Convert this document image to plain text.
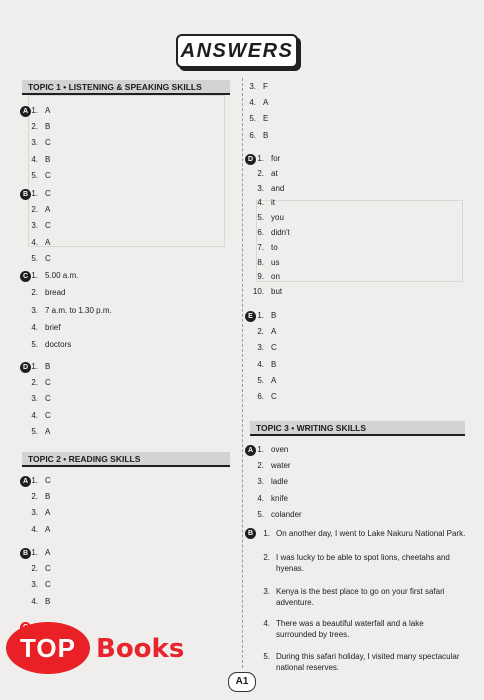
ANSWERS
TOPIC 1 • LISTENING & SPEAKING SKILLS
A 1. A
2. B
3. C
4. B
5. C
B 1. C
2. A
3. C
4. A
5. C
C 1. 5.00 a.m.
2. bread
3. 7 a.m. to 1.30 p.m.
4. brief
5. doctors
D 1. B
2. C
3. C
4. C
5. A
TOPIC 2 • READING SKILLS
A 1. C
2. B
3. A
4. A
B 1. A
2. C
3. C
4. B
3. F
4. A
5. E
6. B
D 1. for
2. at
3. and
4. it
5. you
6. didn't
7. to
8. us
9. on
10. but
E 1. B
2. A
3. C
4. B
5. A
6. C
TOPIC 3 • WRITING SKILLS
A 1. oven
2. water
3. ladle
4. knife
5. colander
B	1. On another day, I went to Lake Nakuru National Park.
2. I was lucky to be able to spot lions, cheetahs and hyenas.
3. Kenya is the best place to go on your first safari adventure.
4. There was a beautiful waterfall and a lake surrounded by trees.
5. During this safari holiday, I visited many spectacular national reserves.
TOP Books
A1
